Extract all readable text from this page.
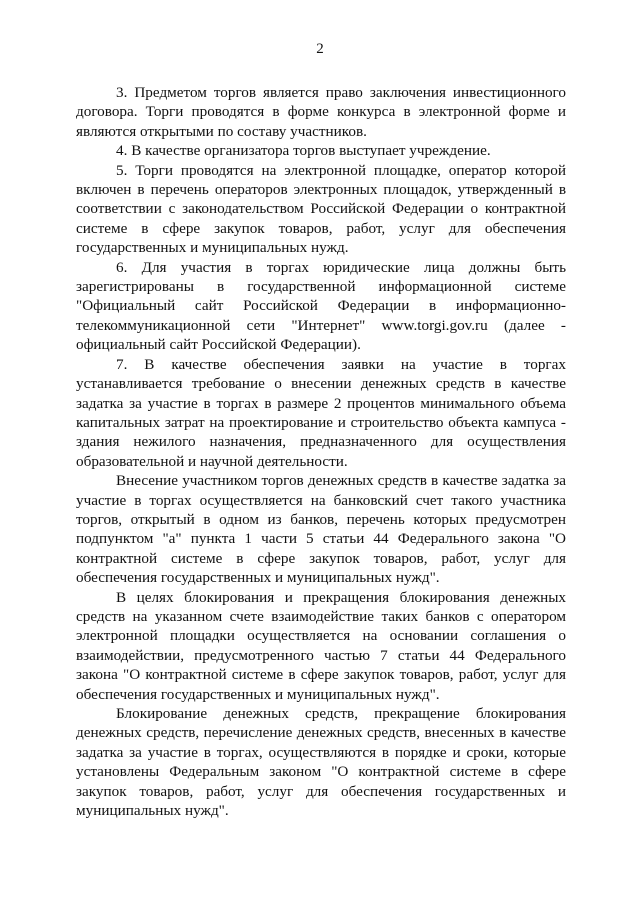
2

3. Предметом торгов является право заключения инвестиционного договора. Торги проводятся в форме конкурса в электронной форме и являются открытыми по составу участников.

4. В качестве организатора торгов выступает учреждение.

5. Торги проводятся на электронной площадке, оператор которой включен в перечень операторов электронных площадок, утвержденный в соответствии с законодательством Российской Федерации о контрактной системе в сфере закупок товаров, работ, услуг для обеспечения государственных и муниципальных нужд.

6. Для участия в торгах юридические лица должны быть зарегистрированы в государственной информационной системе "Официальный сайт Российской Федерации в информационно-телекоммуникационной сети "Интернет" www.torgi.gov.ru (далее - официальный сайт Российской Федерации).

7. В качестве обеспечения заявки на участие в торгах устанавливается требование о внесении денежных средств в качестве задатка за участие в торгах в размере 2 процентов минимального объема капитальных затрат на проектирование и строительство объекта кампуса - здания нежилого назначения, предназначенного для осуществления образовательной и научной деятельности.

Внесение участником торгов денежных средств в качестве задатка за участие в торгах осуществляется на банковский счет такого участника торгов, открытый в одном из банков, перечень которых предусмотрен подпунктом "а" пункта 1 части 5 статьи 44 Федерального закона "О контрактной системе в сфере закупок товаров, работ, услуг для обеспечения государственных и муниципальных нужд".

В целях блокирования и прекращения блокирования денежных средств на указанном счете взаимодействие таких банков с оператором электронной площадки осуществляется на основании соглашения о взаимодействии, предусмотренного частью 7 статьи 44 Федерального закона "О контрактной системе в сфере закупок товаров, работ, услуг для обеспечения государственных и муниципальных нужд".

Блокирование денежных средств, прекращение блокирования денежных средств, перечисление денежных средств, внесенных в качестве задатка за участие в торгах, осуществляются в порядке и сроки, которые установлены Федеральным законом "О контрактной системе в сфере закупок товаров, работ, услуг для обеспечения государственных и муниципальных нужд".
